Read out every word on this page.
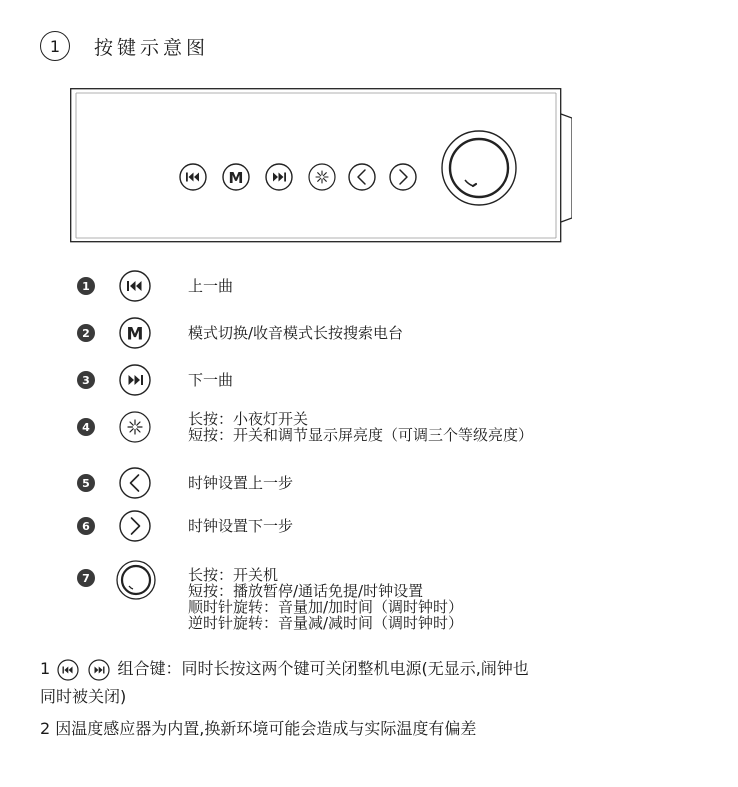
1 按键示意图
M
1	上一曲
2 M	模式切换/收音模式长按搜索电台
3	下一曲
4	长按：小夜灯开关
短按：开关和调节显示屏亮度（可调三个等级亮度）
5	时钟设置上一步
6	时钟设置下一步
7	长按：开关机
短按：播放暂停/通话免提/时钟设置
顺时针旋转：音量加/加时间（调时钟时）
逆时针旋转：音量减/减时间（调时钟时）
1	组合键：同时长按这两个键可关闭整机电源(无显示,闹钟也
同时被关闭)
2 因温度感应器为内置,换新环境可能会造成与实际温度有偏差
